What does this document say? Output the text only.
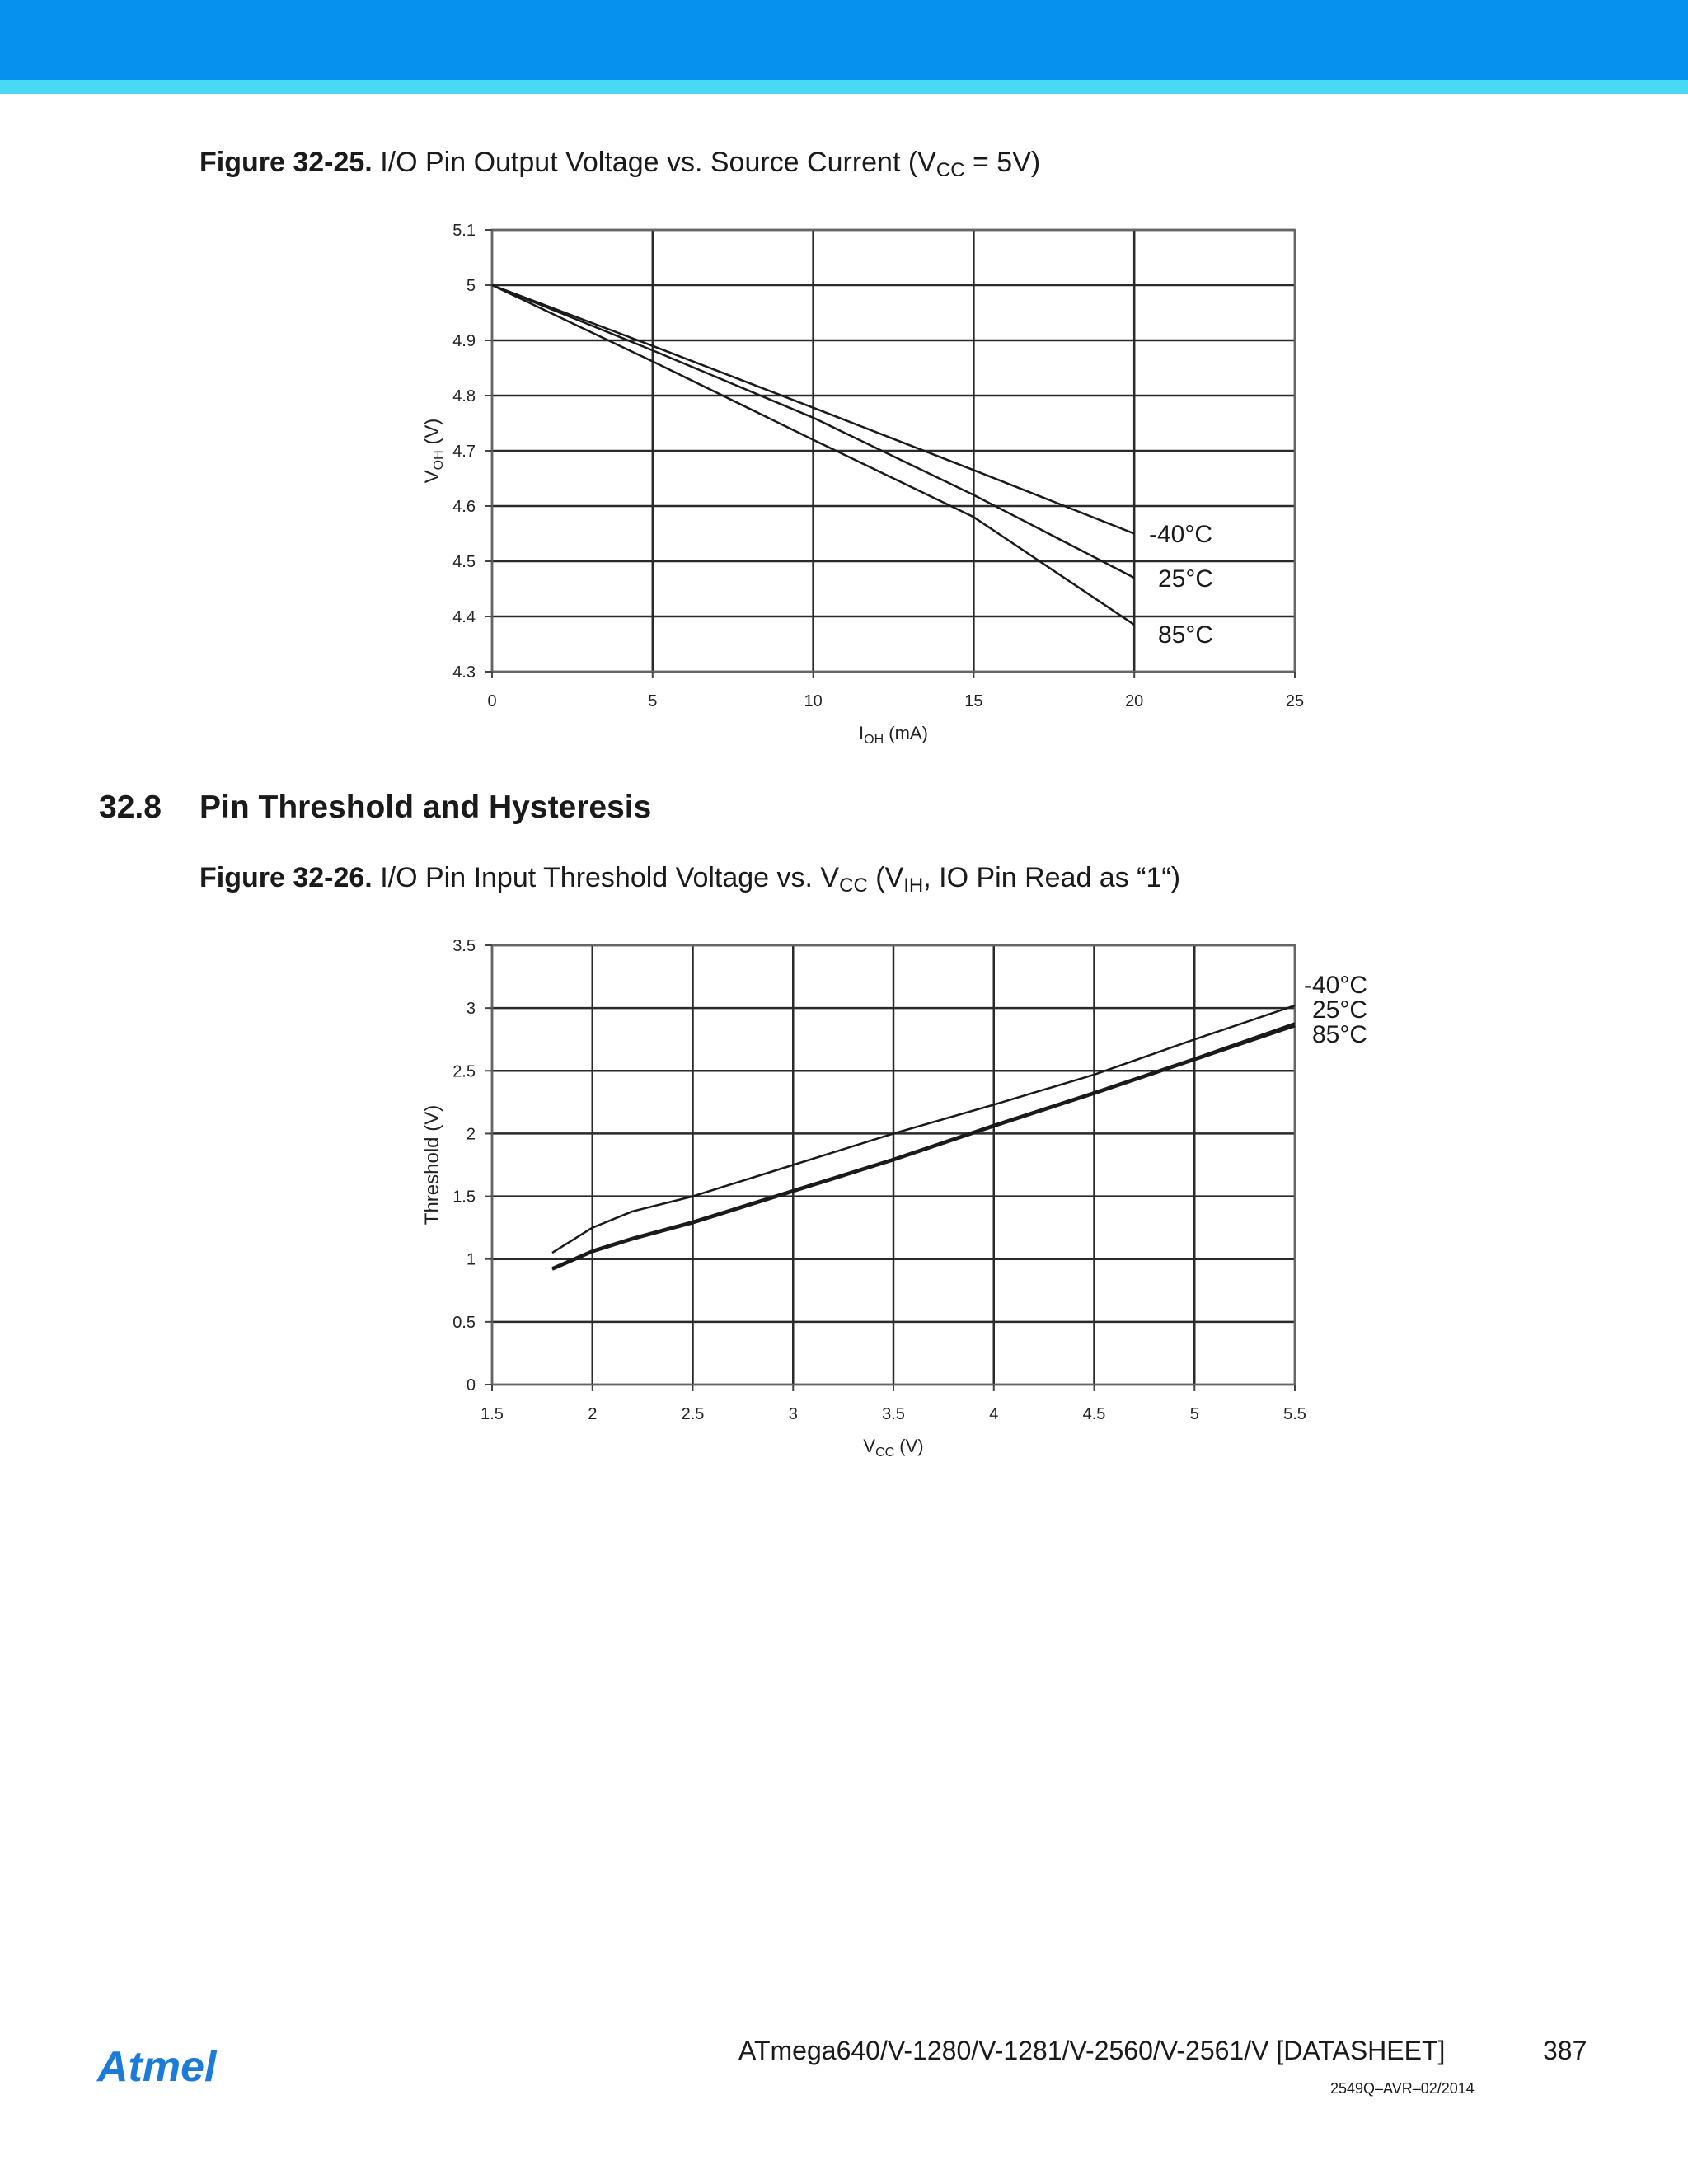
Figure 32-25. I/O Pin Output Voltage vs. Source Current $(V_{CC} = 5V)$
0	5	10	15	20	25
4.3
4.4
4.5
4.6
4.7
4.8
4.9
5
5.1
$I_{OH}$ (mA)
$V_{OH}$ (V)
-40°C
25°C
85°C
32.8 Pin Threshold and Hysteresis
Figure 32-26. I/O Pin Input Threshold Voltage vs. $V_{CC}$ ($V_{IH}$, IO Pin Read as “1“)
1.5	2	2.5	3	3.5	4	4.5	5	5.5
0
0.5
1
1.5
2
2.5
3
3.5
$V_{CC}$ (V)
Threshold (V)
-40°C
25°C
85°C
Atmel	ATmega640/V-1280/V-1281/V-2560/V-2561/V [DATASHEET]	387
2549Q–AVR–02/2014
